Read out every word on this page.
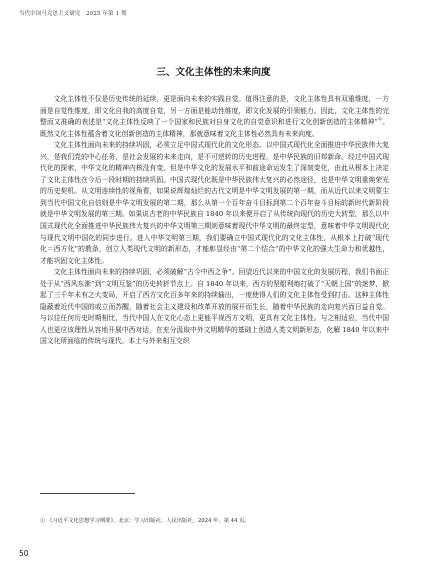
当代中国马克思主义研究　2025 年第 1 期
三、文化主体性的未来向度

文化主体性不仅是历史传统的延续，更是面向未来的实践自觉。值得注意的是，文化主体性具有双重维度，一方面是自觉性维度，即文化自我的高度自觉，另一方面是能动性维度，即文化发展的引领能力。因此，文化主体性的完整而又准确的表述是“文化主体性反映了一个国家和民族对自身文化的自觉意识和进行文化创新创造的主体精神”①。既然文化主体性蕴含着文化创新创造的主体精神，那就意味着文化主体性必然具有未来向度。

文化主体性面向未来的持续巩固，必须立足中国式现代化的文化形态。以中国式现代化全面推进中华民族伟大复兴，是我们党的中心任务，是社会发展的未来走向，是不可逆转的历史进程，是中华民族的旧邦新命。经过中国式现代化的探索，中华文化的精神内核没有变，但是中华文化的发展水平和前途命运发生了深刻变化，由此从根本上决定了文化主体性在今后一段时期的持续巩固。中国式现代化既是中华民族伟大复兴的必然途径，也是中华文明重焕荣光的历史契机。从文明连续性的视角看，如果说辉煌灿烂的古代文明是中华文明发展的第一期，而从近代以来文明蒙尘到当代中国文化自信则是中华文明发展的第二期，那么从第一个百年奋斗目标到第二个百年奋斗目标的新时代新阶段就是中华文明发展的第三期。如果说古老的中华民族自 1840 年以来便开启了从传统向现代的历史大转型，那么以中国式现代化全面推进中华民族伟大复兴的中华文明第三期则意味着现代中华文明的最终定型，意味着中华文明现代化与现代文明中国化的同步进行。进入中华文明第三期，我们要确立中国式现代化的文化主体性，从根本上打破“现代化＝西方化”的教条，创立人类现代文明的新形态，才能彰显经由“第二个结合”的中华文化的强大生命力和优越性，才能巩固文化主体性。

文化主体性面向未来的持续巩固，必须破解“古今中西之争”。回望近代以来的中国文化的发展历程，我们书面正处于从“西风东渐”到“文明互鉴”的历史转折节点上。自 1840 年以来，西方的坚船利炮打破了“天朝上国”的迷梦，掀起了三千年未有之大变局，开启了西方文化百多年来的持续输出，一度使得人们的文化主体性受到打击。这种主体性隐蔽着近代中国的或立而苏醒，随着社会主义建设和改革开放的展开而生长，随着中华民族的走向复兴而日益自觉。与以往任何历史时期相比，当代中国人在文化心态上更能平视西方文明，更具有文化主体性。与之相适应，当代中国人也更应该理性从容地开展中西对话，在充分汲取中外文明精华的基础上创造人类文明新形态，化解 1840 年以来中国文化所面临的传统与现代、本土与外来相互交织

① 《习近平文化思想学习纲要》，北京：学习出版社、人民出版社，2024 年，第 44 页。
50
